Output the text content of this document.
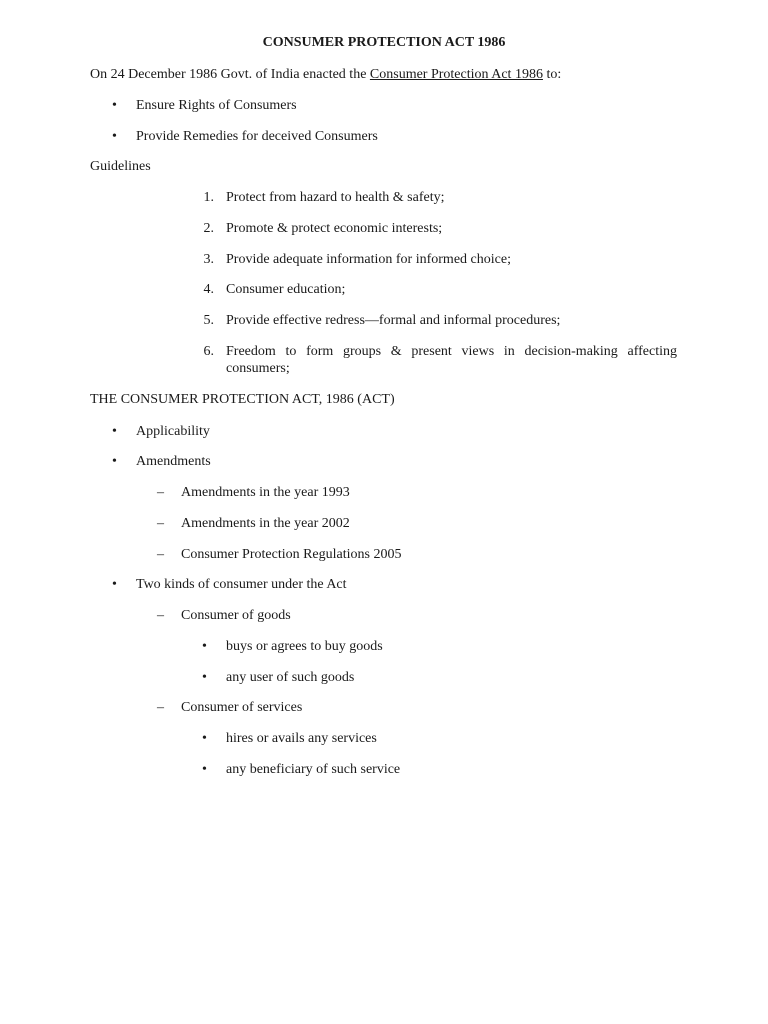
CONSUMER PROTECTION ACT 1986
On 24 December 1986 Govt. of India enacted the Consumer Protection Act 1986 to:
• Ensure Rights of Consumers
• Provide Remedies for deceived Consumers
Guidelines
1. Protect from hazard to health & safety;
2. Promote & protect economic interests;
3. Provide adequate information for informed choice;
4. Consumer education;
5. Provide effective redress—formal and informal procedures;
6. Freedom to form groups & present views in decision-making affecting consumers;
THE CONSUMER PROTECTION ACT, 1986 (ACT)
• Applicability
• Amendments
– Amendments in the year 1993
– Amendments in the year 2002
– Consumer Protection Regulations 2005
• Two kinds of consumer under the Act
– Consumer of goods
• buys or agrees to buy goods
• any user of such goods
– Consumer of services
• hires or avails any services
• any beneficiary of such service
